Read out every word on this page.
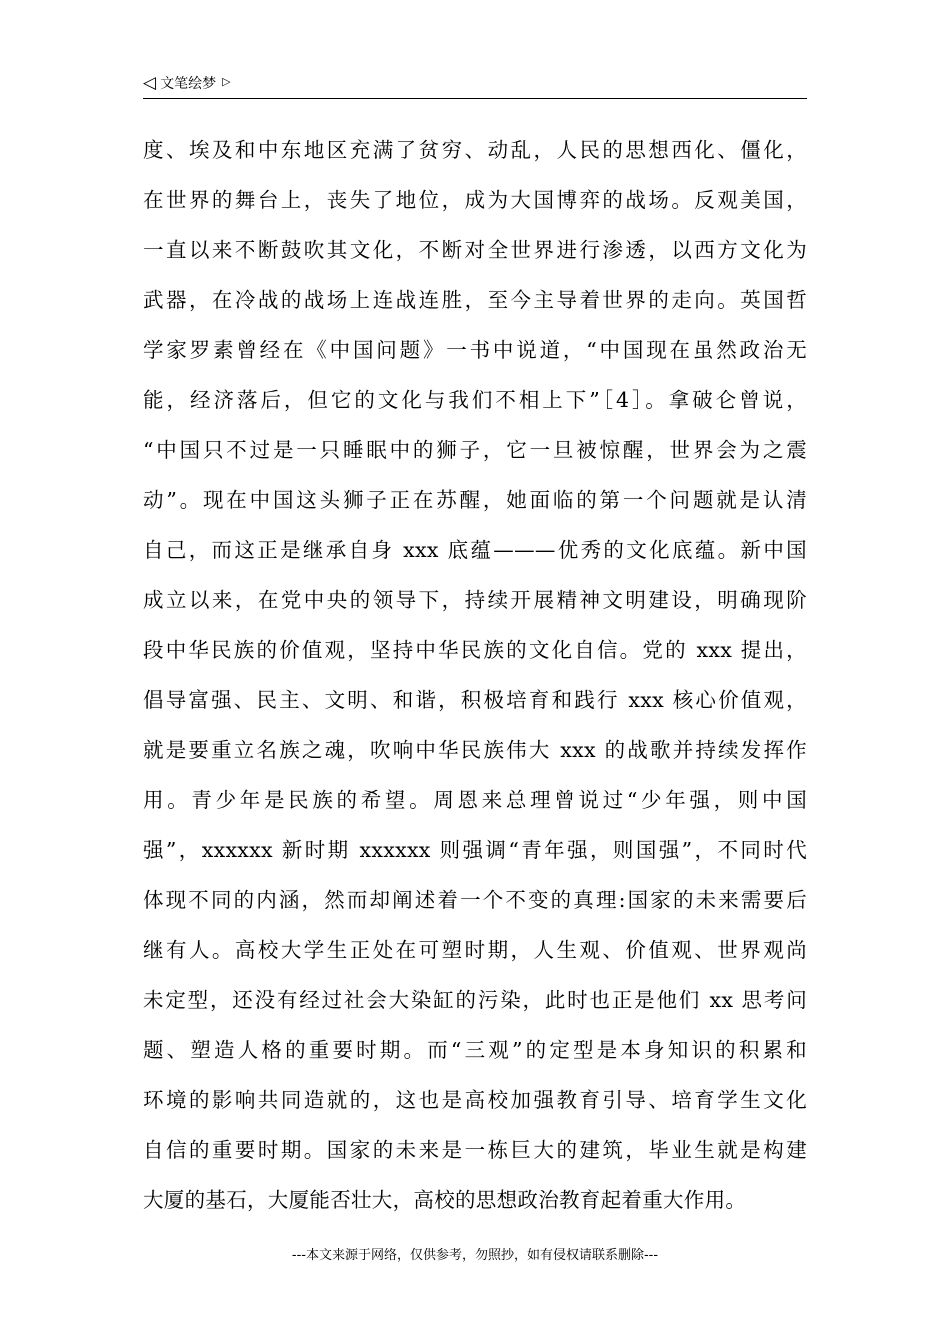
◁ 文笔绘梦 ▷
度、埃及和中东地区充满了贫穷、动乱，人民的思想西化、僵化，
在世界的舞台上，丧失了地位，成为大国博弈的战场。反观美国，
一直以来不断鼓吹其文化，不断对全世界进行渗透，以西方文化为
武器，在冷战的战场上连战连胜，至今主导着世界的走向。英国哲
学家罗素曾经在《中国问题》一书中说道，“中国现在虽然政治无
能，经济落后，但它的文化与我们不相上下”［4］。拿破仑曾说，
“中国只不过是一只睡眠中的狮子，它一旦被惊醒，世界会为之震
动”。现在中国这头狮子正在苏醒，她面临的第一个问题就是认清
自己，而这正是继承自身 xxx 底蕴———优秀的文化底蕴。新中国
成立以来，在党中央的领导下，持续开展精神文明建设，明确现阶
段中华民族的价值观，坚持中华民族的文化自信。党的 xxx 提出，
倡导富强、民主、文明、和谐，积极培育和践行 xxx 核心价值观，
就是要重立名族之魂，吹响中华民族伟大 xxx 的战歌并持续发挥作
用。青少年是民族的希望。周恩来总理曾说过“少年强，则中国
强”，xxxxxx 新时期 xxxxxx 则强调“青年强，则国强”，不同时代
体现不同的内涵，然而却阐述着一个不变的真理:国家的未来需要后
继有人。高校大学生正处在可塑时期，人生观、价值观、世界观尚
未定型，还没有经过社会大染缸的污染，此时也正是他们 xx 思考问
题、塑造人格的重要时期。而“三观”的定型是本身知识的积累和
环境的影响共同造就的，这也是高校加强教育引导、培育学生文化
自信的重要时期。国家的未来是一栋巨大的建筑，毕业生就是构建
大厦的基石，大厦能否壮大，高校的思想政治教育起着重大作用。
---本文来源于网络，仅供参考，勿照抄，如有侵权请联系删除---
